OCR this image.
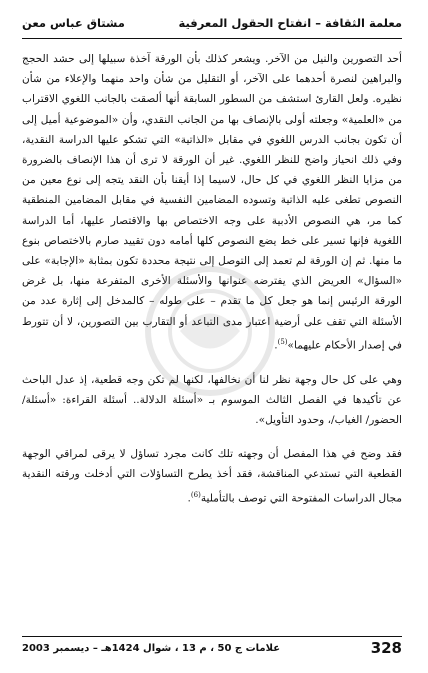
معلمة الثقافة – انفتاح الحقول المعرفية
مشتاق عباس معن

أحد التصورين والنيل من الآخر. ويشعر كذلك بأن الورقة آخذة سبيلها إلى حشد الحجج والبراهين لنصرة أحدهما على الآخر، أو التقليل من شأن واحد منهما والإعلاء من شأن نظيره. ولعل القارئ استشف من السطور السابقة أنها ألصقت بالجانب اللغوي الاقتراب من «العلمية» وجعلته أولى بالإنصاف بها من الجانب النقدي، وأن «الموضوعية أميل إلى أن تكون بجانب الدرس اللغوي في مقابل «الذاتية» التي تشكو عليها الدراسة النقدية، وفي ذلك انحياز واضح للنظر اللغوي. غير أن الورقة لا ترى أن هذا الإنصاف بالضرورة من مزايا النظر اللغوي في كل حال، لاسيما إذا أيقنا بأن النقد يتجه إلى نوع معين من النصوص تطغى عليه الذاتية وتسوده المضامين النفسية في مقابل المضامين المنطقية كما مر، هي النصوص الأدبية على وجه الاختصاص بها والاقتصار عليها، أما الدراسة اللغوية فإنها تسير على خط يضع النصوص كلها أمامه دون تقييد صارم بالاختصاص بنوع ما منها. ثم إن الورقة لم تعمد إلى التوصل إلى نتيجة محددة تكون بمثابة «الإجابة» على «السؤال» العريض الذي يفترضه عنوانها والأسئلة الأخرى المتفرعة منها، بل غرض الورقة الرئيس إنما هو جعل كل ما تقدم – على طوله – كالمدخل إلى إثارة عدد من الأسئلة التي تقف على أرضية اعتبار مدى التباعد أو التقارب بين التصورين، لا أن تتورط في إصدار الأحكام عليهما»$^{(5)}$.

وهي على كل حال وجهة نظر لنا أن نخالفها، لكنها لم تكن وجه قطعية، إذ عدل الباحث عن تأكيدها في الفصل الثالث الموسوم بـ «أسئلة الدلالة.. أسئلة القراءة: «أسئلة/ الحضور/ الغياب/، وحدود التأويل».

فقد وضح في هذا المفصل أن وجهته تلك كانت مجرد تساؤل لا يرقى لمراقي الوجهة القطعية التي تستدعي المناقشة، فقد أخذ يطرح التساؤلات التي أدخلت ورقته النقدية مجال الدراسات المفتوحة التي توصف بالتأملية$^{(6)}$.

328
علامات ج 50 ، م 13 ، شوال 1424هـ – ديسمبر 2003
